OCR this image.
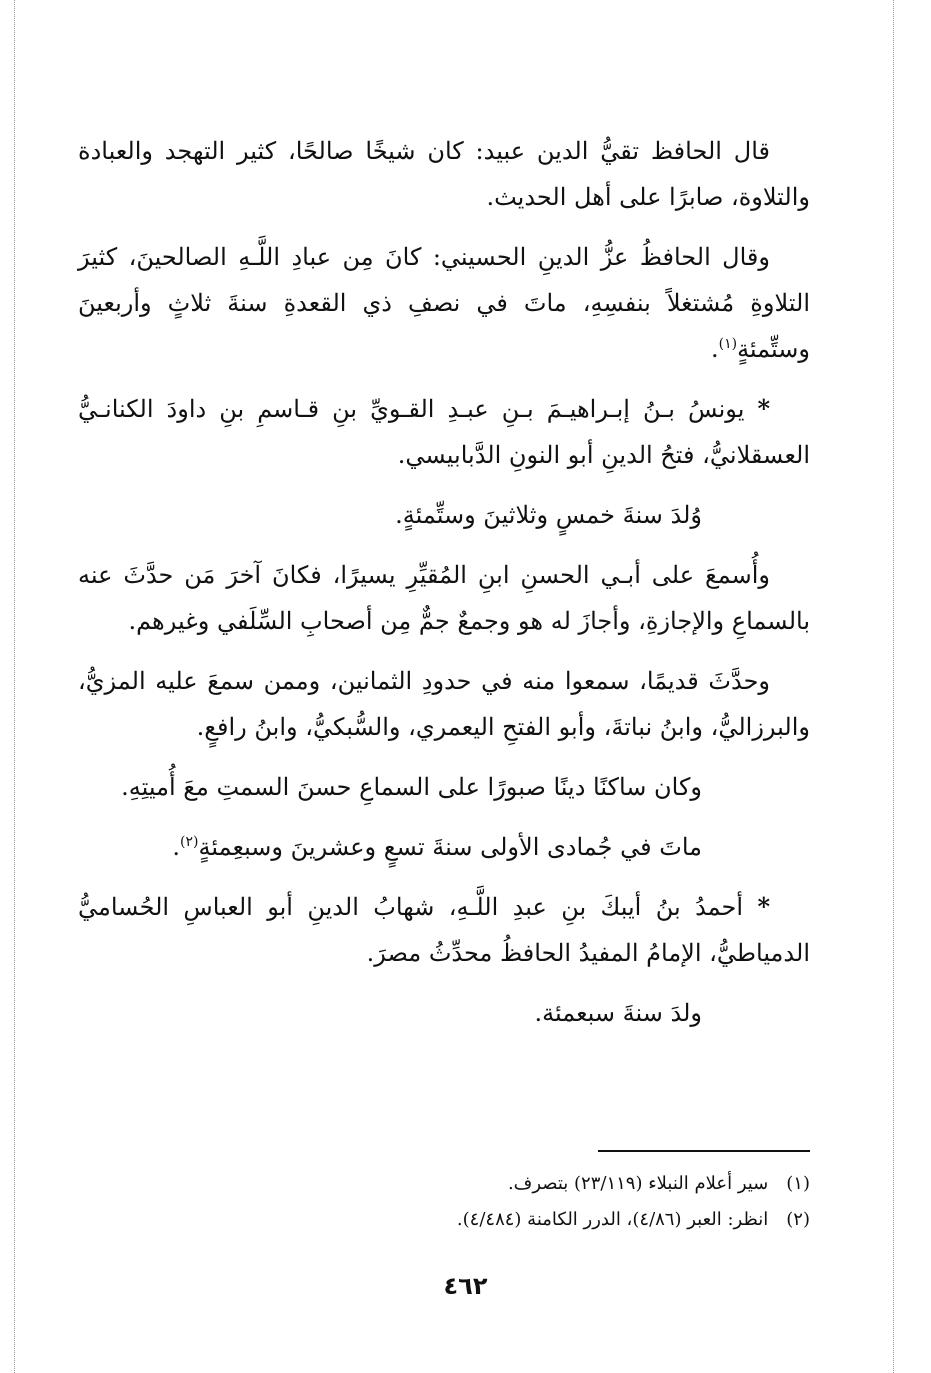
قال الحافظ تقيُّ الدين عبيد: كان شيخًا صالحًا، كثير التهجد والعبادة والتلاوة، صابرًا على أهل الحديث.

وقال الحافظُ عزُّ الدينِ الحسيني: كانَ مِن عبادِ اللَّـهِ الصالحينَ، كثيرَ التلاوةِ مُشتغلاً بنفسِهِ، ماتَ في نصفِ ذي القعدةِ سنةَ ثلاثٍ وأربعينَ وستِّمئةٍ$^{(١)}$.

* يونسُ بـنُ إبـراهيـمَ بـنِ عبـدِ القـويِّ بنِ قـاسمِ بنِ داودَ الكنانـيُّ العسقلانيُّ، فتحُ الدينِ أبو النونِ الدَّبابيسي.

وُلدَ سنةَ خمسٍ وثلاثينَ وستِّمئةٍ.

وأُسمعَ على أبـي الحسنِ ابنِ المُقيِّرِ يسيرًا، فكانَ آخرَ مَن حدَّثَ عنه بالسماعِ والإجازةِ، وأجازَ له هو وجمعٌ جمٌّ مِن أصحابِ السِّلَفي وغيرهم.

وحدَّثَ قديمًا، سمعوا منه في حدودِ الثمانين، وممن سمعَ عليه المزيُّ، والبرزاليُّ، وابنُ نباتةَ، وأبو الفتحِ اليعمري، والسُّبكيُّ، وابنُ رافعٍ.

وكان ساكنًا دينًا صبورًا على السماعِ حسنَ السمتِ معَ أُميتِهِ.

ماتَ في جُمادى الأولى سنةَ تسعٍ وعشرينَ وسبعِمئةٍ$^{(٢)}$.

* أحمدُ بنُ أيبكَ بنِ عبدِ اللَّـهِ، شهابُ الدينِ أبو العباسِ الحُساميُّ الدمياطيُّ، الإمامُ المفيدُ الحافظُ محدِّثُ مصرَ.

ولدَ سنةَ سبعمئة.

(١)سير أعلام النبلاء (٢٣/١١٩) بتصرف.

(٢)انظر: العبر (٤/٨٦)، الدرر الكامنة (٤/٤٨٤).

٤٦٢
